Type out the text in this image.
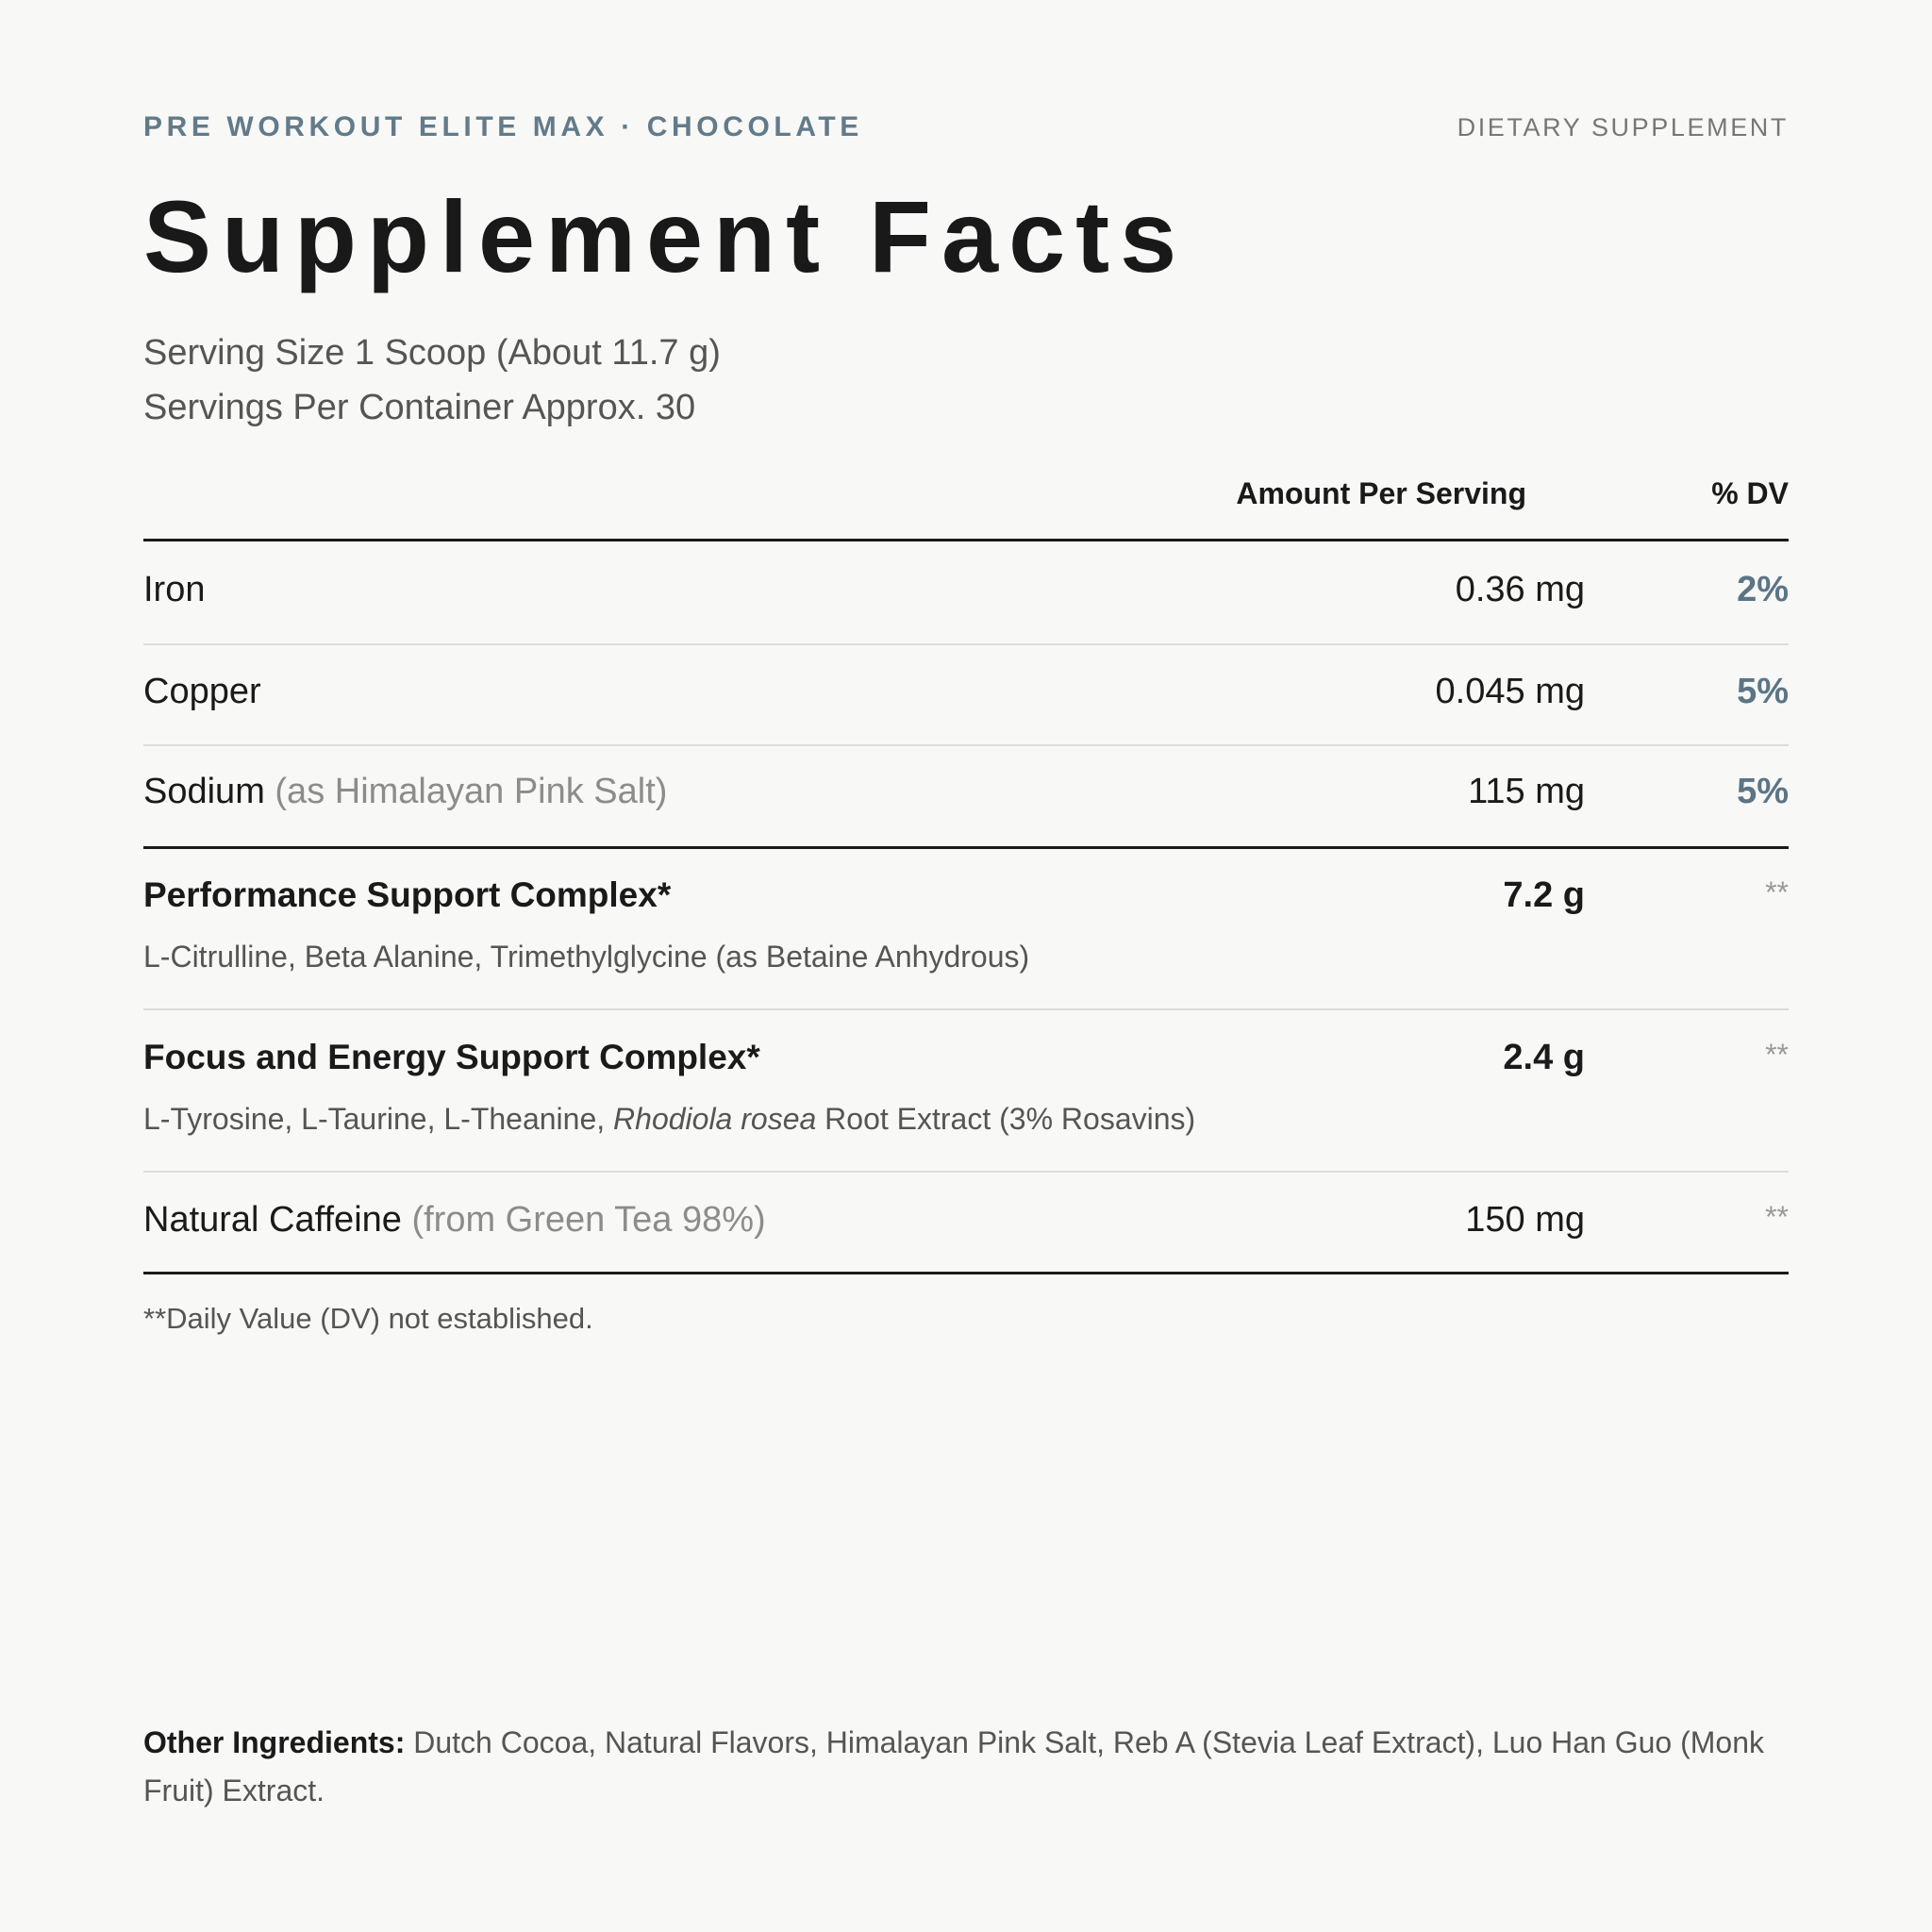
PRE WORKOUT ELITE MAX · CHOCOLATE	DIETARY SUPPLEMENT
Supplement Facts
Serving Size 1 Scoop (About 11.7 g)
Servings Per Container Approx. 30
Amount Per Serving	% DV
Iron	0.36 mg	2%
Copper	0.045 mg	5%
Sodium (as Himalayan Pink Salt)	115 mg	5%
Performance Support Complex*	7.2 g	**
L-Citrulline, Beta Alanine, Trimethylglycine (as Betaine Anhydrous)
Focus and Energy Support Complex*	2.4 g	**
L-Tyrosine, L-Taurine, L-Theanine, Rhodiola rosea Root Extract (3% Rosavins)
Natural Caffeine (from Green Tea 98%)	150 mg	**
**Daily Value (DV) not established.
Other Ingredients: Dutch Cocoa, Natural Flavors, Himalayan Pink Salt, Reb A (Stevia Leaf Extract), Luo Han Guo (Monk Fruit) Extract.
